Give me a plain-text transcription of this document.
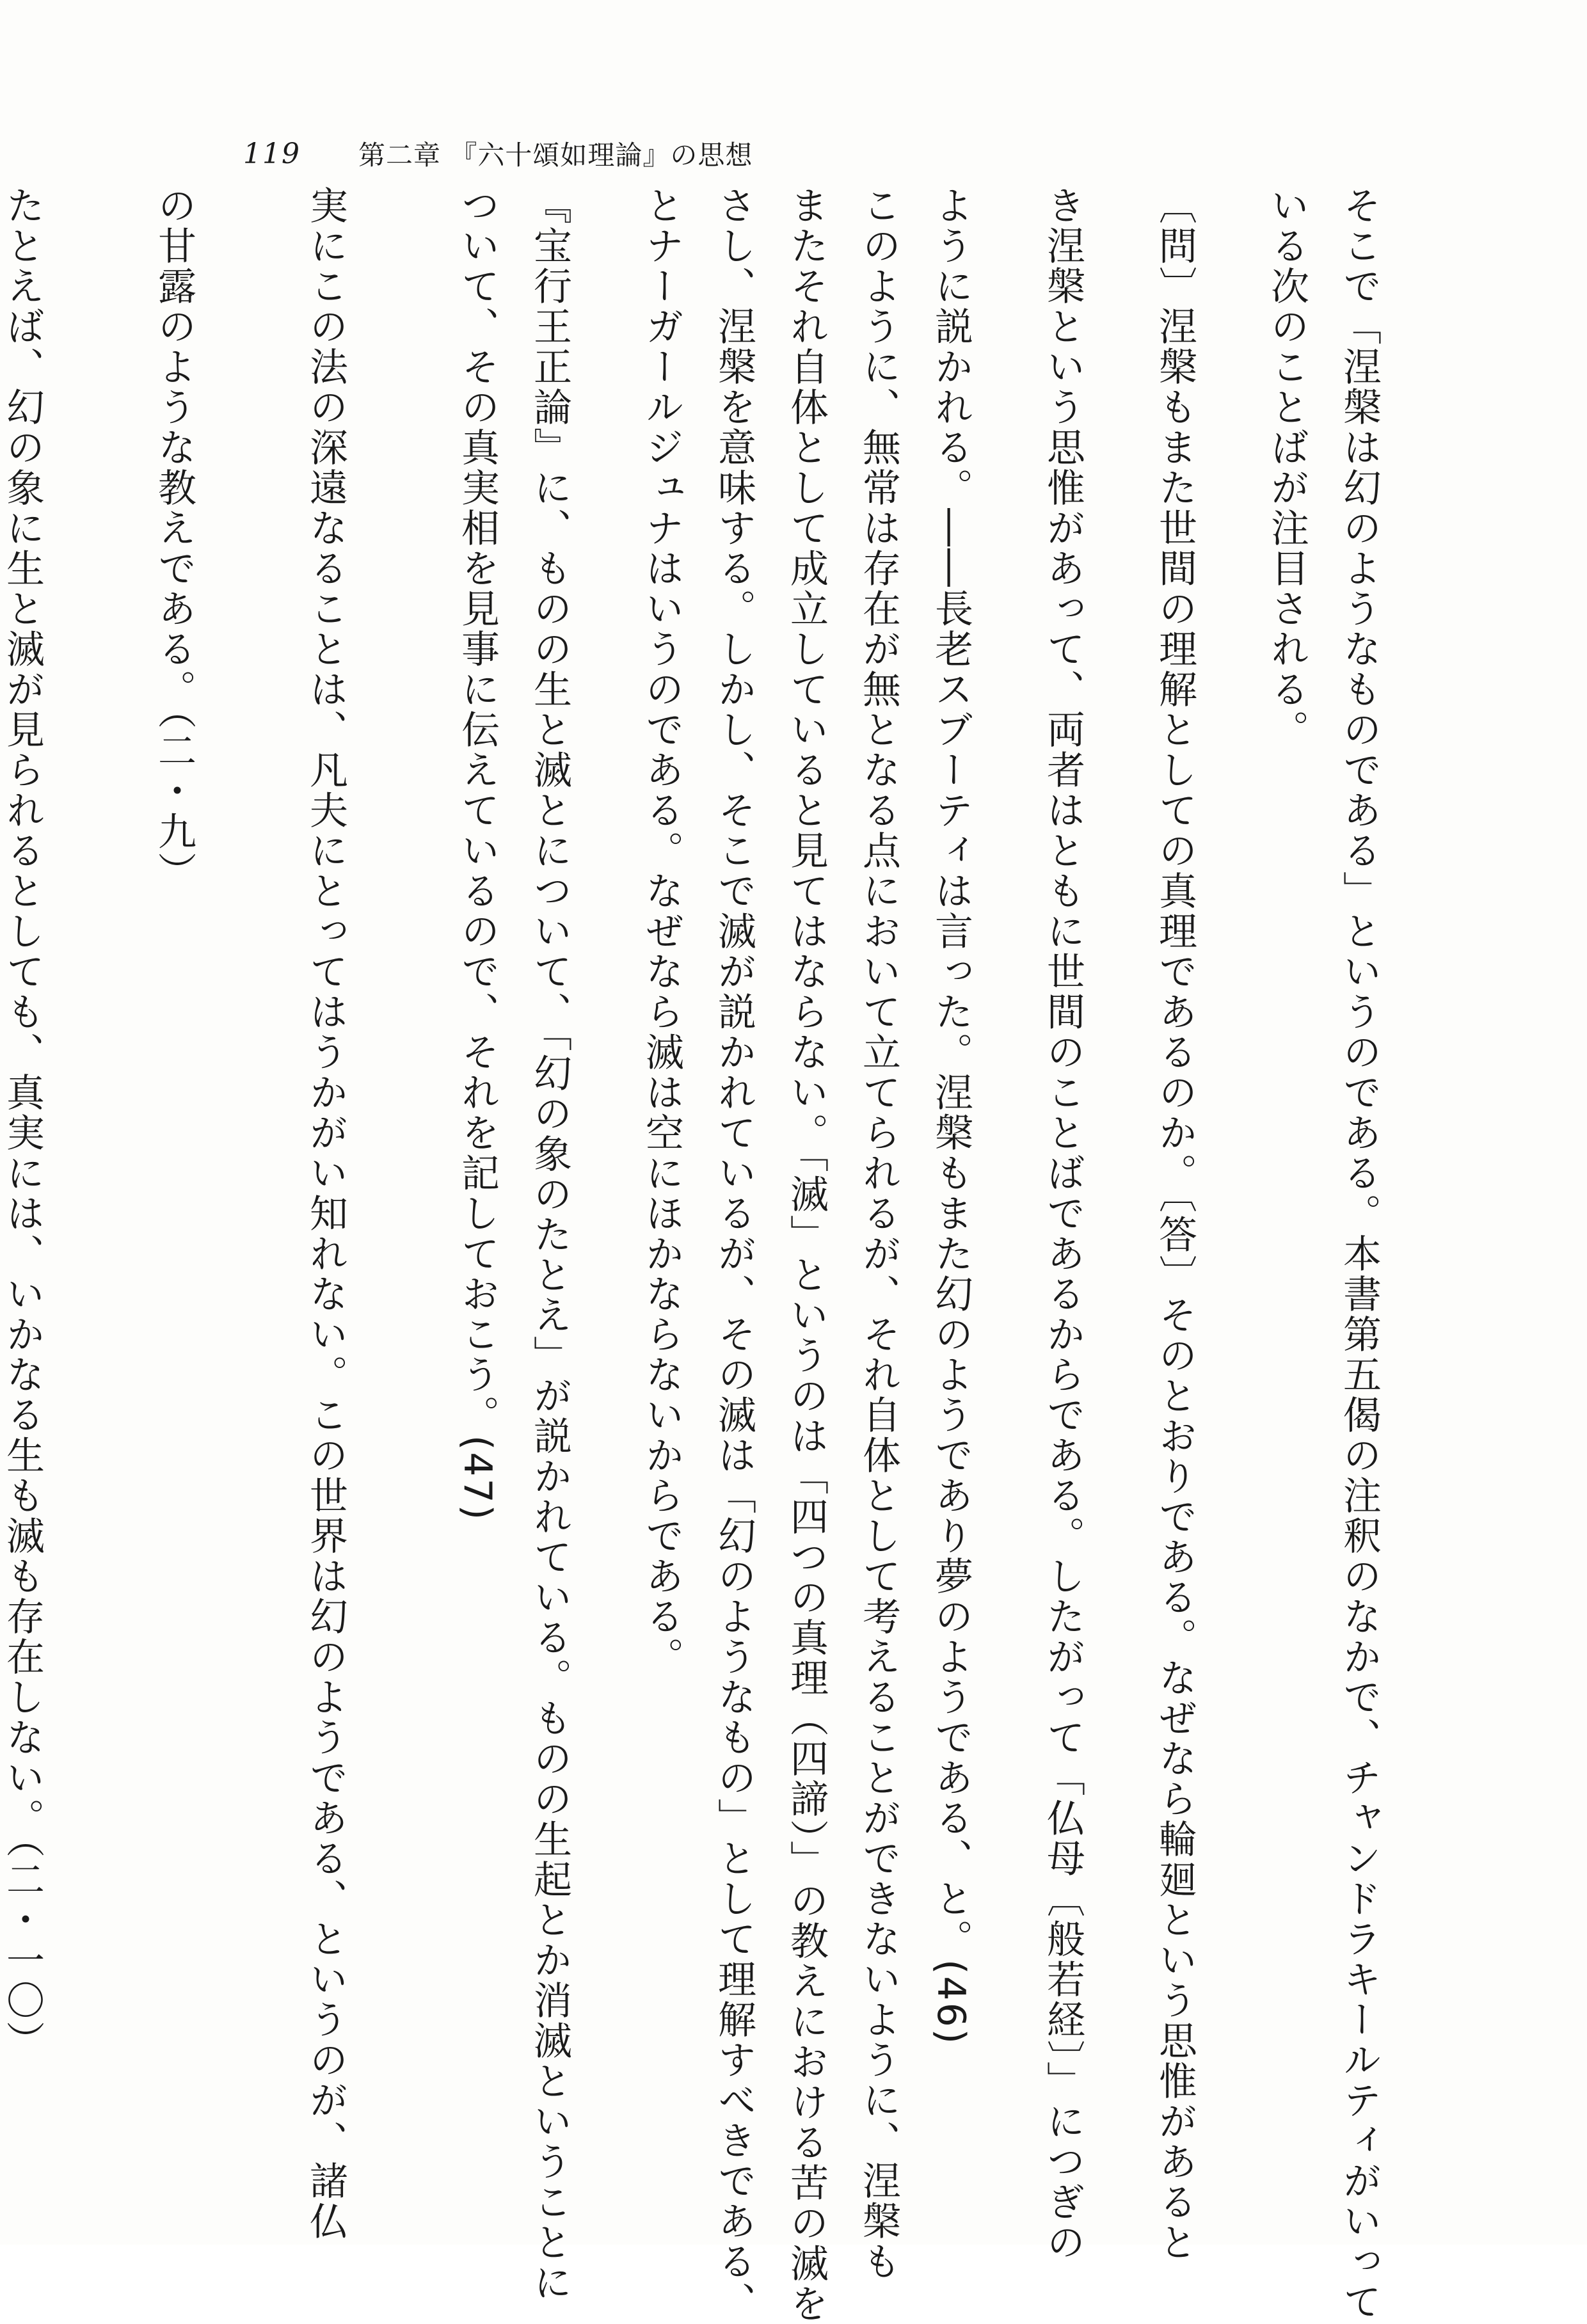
119 第二章 『六十頌如理論』の思想
そこで「涅槃は幻のようなものである」というのである。本書第五偈の注釈のなかで、チャンドラキールティがいって
いる次のことばが注目される。
〔問〕涅槃もまた世間の理解としての真理であるのか。〔答〕そのとおりである。なぜなら輪廻という思惟があると
き涅槃という思惟があって、両者はともに世間のことばであるからである。したがって「仏母〔般若経〕」につぎの
ように説かれる。――長老スブーティは言った。涅槃もまた幻のようであり夢のようである、と。(46)
このように、無常は存在が無となる点において立てられるが、それ自体として考えることができないように、涅槃も
またそれ自体として成立していると見てはならない。「滅」というのは「四つの真理（四諦）」の教えにおける苦の滅を
さし、涅槃を意味する。しかし、そこで滅が説かれているが、その滅は「幻のようなもの」として理解すべきである、
とナーガールジュナはいうのである。なぜなら滅は空にほかならないからである。
『宝行王正論』に、ものの生と滅とについて、「幻の象のたとえ」が説かれている。ものの生起とか消滅ということに
ついて、その真実相を見事に伝えているので、それを記しておこう。(47)
実にこの法の深遠なることは、凡夫にとってはうかがい知れない。この世界は幻のようである、というのが、諸仏
の甘露のような教えである。（二・九）
たとえば、幻の象に生と滅が見られるとしても、真実には、いかなる生も滅も存在しない。（二・一〇）
